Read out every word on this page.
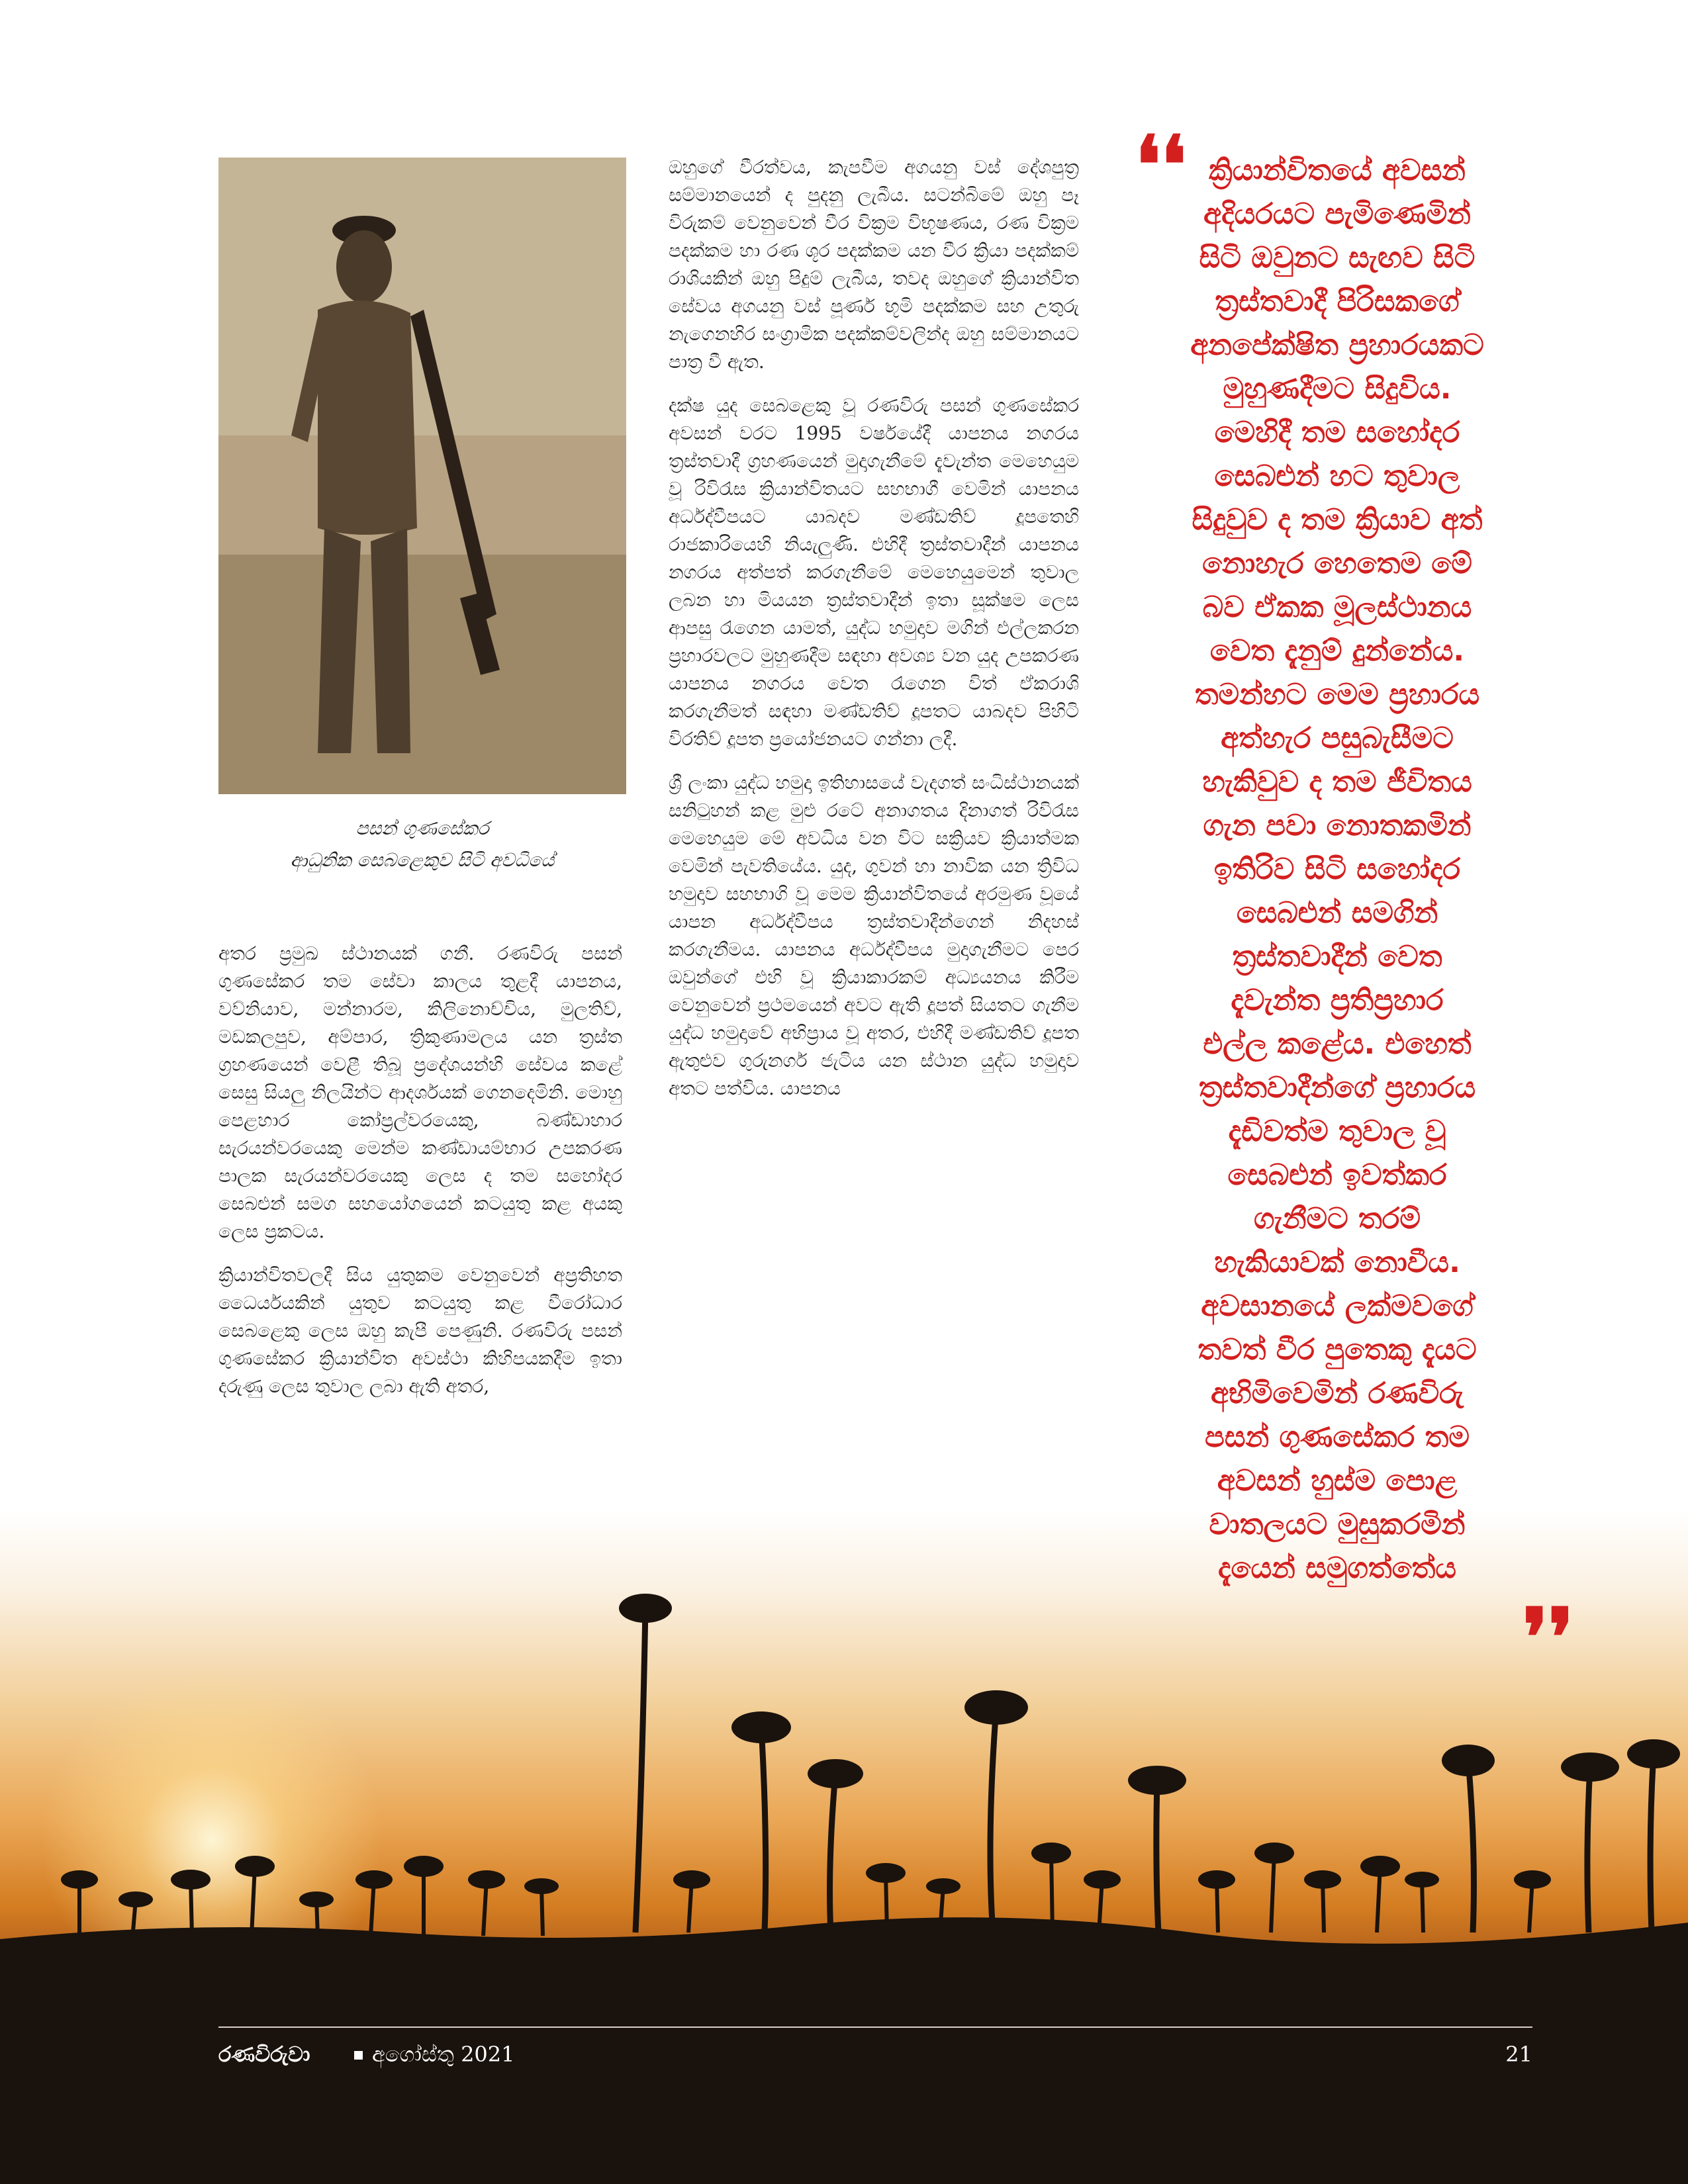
පසන් ගුණසේකර
ආධුනික සෙබළෙකුව සිටි අවධියේ

අතර ප්‍රමුඛ ස්ථානයක් ගනී. රණවිරු පසන් ගුණසේකර තම සේවා කාලය තුළදී යාපනය, වව්නියාව, මන්නාරම, කිලිනොච්චිය, මුලතිව්, මඩකලපුව, අම්පාර, ත්‍රිකුණාමලය යන ත්‍රස්ත ග්‍රහණයෙන් වෙළී තිබූ ප්‍රදේශයන්හි සේවය කළේ සෙසු සියලු නිලයින්ට ආදර්ශයක් ගෙනදෙමිනි. මොහු පෙළහාර කෝප්‍රල්වරයෙකු, බණ්ඩාහාර සැරයන්වරයෙකු මෙන්ම කණ්ඩායම්භාර උපකරණ පාලක සැරයන්වරයෙකු ලෙස ද තම සහෝදර සෙබළුන් සමග සහයෝගයෙන් කටයුතු කළ අයකු ලෙස ප්‍රකටය.

ක්‍රියාන්විතවලදී සිය යුතුකම වෙනුවෙන් අප්‍රතිහත ධෛර්යයකින් යුතුව කටයුතු කළ වීරෝධාර සෙබළෙකු ලෙස ඔහු කැපී පෙණුනි. රණවිරු පසන් ගුණසේකර ක්‍රියාන්විත අවස්ථා කිහිපයකදීම ඉතා දරුණු ලෙස තුවාල ලබා ඇති අතර,

ඔහුගේ වීරත්වය, කැපවීම අගයනු වස් දේශපුත්‍ර සම්මානයෙන් ද පුදනු ලැබීය. සටන්බිමේ ඔහු පෑ විරුකම් වෙනුවෙන් වීර වික්‍රම විභූෂණය, රණ වික්‍රම පදක්කම හා රණ ශූර පදක්කම යන වීර ක්‍රියා පදක්කම් රාශියකින් ඔහු පිදුම් ලැබීය, තවද ඔහුගේ ක්‍රියාන්විත සේවය අගයනු වස් පූර්ණ භූමි පදක්කම සහ උතුරු නැගෙනහිර සංග්‍රාමික පදක්කම්වලින්ද ඔහු සම්මානයට පාත්‍ර වී ඇත.

දක්ෂ යුද සෙබළෙකු වූ රණවිරු පසන් ගුණසේකර අවසන් වරට 1995 වර්ෂයේදී යාපනය නගරය ත්‍රස්තවාදී ග්‍රහණයෙන් මුදාගැනීමේ දැවැන්ත මෙහෙයුම වූ රිවිරැස ක්‍රියාන්විතයට සහභාගී වෙමින් යාපනය අර්ධද්වීපයට යාබදව මණ්ඩතිව් දූපතෙහි රාජකාරියෙහි නියැලුණි. එහිදී ත්‍රස්තවාදීන් යාපනය නගරය අත්පත් කරගැනීමේ මෙහෙයුමෙන් තුවාල ලබන හා මියයන ත්‍රස්තවාදීන් ඉතා සූක්ෂම ලෙස ආපසු රැගෙන යාමත්, යුද්ධ හමුදාව මගින් එල්ලකරන ප්‍රහාරවලට මුහුණදීම සඳහා අවශ්‍ය වන යුද උපකරණ යාපනය නගරය වෙත රැගෙන විත් ඒකරාශි කරගැනීමත් සඳහා මණ්ඩතිව් දූපතට යාබදව පිහිටි විරතිව් දූපත ප්‍රයෝජනයට ගන්නා ලදී.

ශ්‍රී ලංකා යුද්ධ හමුදා ඉතිහාසයේ වැදගත් සංධිස්ථානයක් සනිටුහන් කළ මුළු රටේ අනාගතය දිනාගත් රිවිරැස මෙහෙයුම මේ අවධිය වන විට සක්‍රියව ක්‍රියාත්මක වෙමින් පැවතියේය. යුද, ගුවන් හා නාවික යන ත්‍රිවිධ හමුදාව සහභාගි වූ මෙම ක්‍රියාන්විතයේ අරමුණ වූයේ යාපන අර්ධද්වීපය ත්‍රස්තවාදීන්ගෙන් නිදහස් කරගැනීමය. යාපනය අර්ධද්වීපය මුදාගැනීමට පෙර ඔවුන්ගේ එහි වූ ක්‍රියාකාරකම් අධ්‍යයනය කිරීම වෙනුවෙන් ප්‍රථමයෙන් අවට ඇති දූපත් සියතට ගැනීම යුද්ධ හමුදාවේ අභිප්‍රාය වූ අතර, එහිදී මණ්ඩතිව් දූපත ඇතුළුව ගුරුනගර් ජැටිය යන ස්ථාන යුද්ධ හමුදාව අතට පත්විය. යාපනය

❛❛ ක්‍රියාන්විතයේ අවසන්
අදියරයට පැමිණෙමින්
සිටි ඔවුනට සැඟව සිටි
ත්‍රස්තවාදී පිරිසකගේ
අනපේක්ෂිත ප්‍රහාරයකට
මුහුණදීමට සිදුවිය.
මෙහිදී තම සහෝදර
සෙබළුන් හට තුවාල
සිදුවුව ද තම ක්‍රියාව අත්
නොහැර හෙතෙම මේ
බව ඒකක මූලස්ථානය
වෙත දැනුම් දුන්නේය.
තමන්හට මෙම ප්‍රහාරය
අත්හැර පසුබැසීමට
හැකිවුව ද තම ජීවිතය
ගැන පවා නොතකමින්
ඉතිරිව සිටි සහෝදර
සෙබළුන් සමගින්
ත්‍රස්තවාදීන් වෙත
දැවැන්ත ප්‍රතිප්‍රහාර
එල්ල කළේය. එහෙත්
ත්‍රස්තවාදීන්ගේ ප්‍රහාරය
දැඩිවත්ම තුවාල වූ
සෙබළුන් ඉවත්කර
ගැනීමට තරම්
හැකියාවක් නොවීය.
අවසානයේ ලක්මවගේ
තවත් වීර පුතෙකු දැයට
අභිමිවෙමින් රණවිරු
පසන් ගුණසේකර තම
අවසන් හුස්ම පොළ
වාතලයට මුසුකරමින්
දැයෙන් සමුගත්තේය
❜❜
රණවිරුවා	අගෝස්තු 2021	21
